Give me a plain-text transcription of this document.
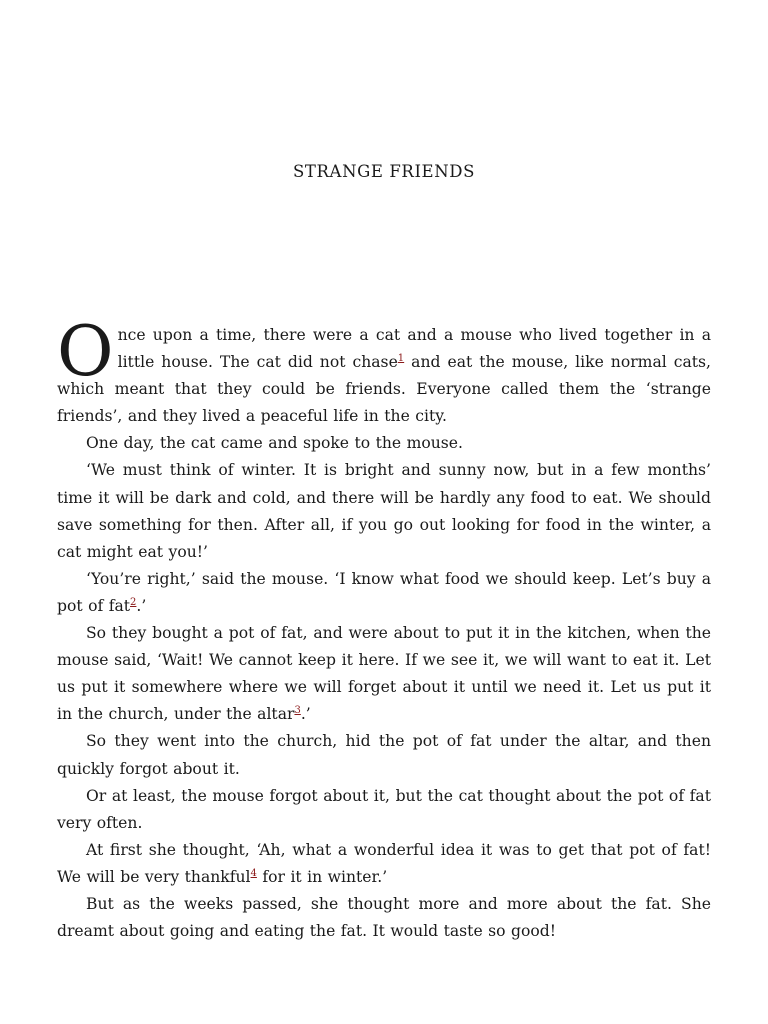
STRANGE FRIENDS

Once upon a time, there were a cat and a mouse who lived together in a little house. The cat did not chase$^1$ and eat the mouse, like normal cats, which meant that they could be friends. Everyone called them the ‘strange friends’, and they lived a peaceful life in the city.

One day, the cat came and spoke to the mouse.

‘We must think of winter. It is bright and sunny now, but in a few months’ time it will be dark and cold, and there will be hardly any food to eat. We should save something for then. After all, if you go out looking for food in the winter, a cat might eat you!’

‘You’re right,’ said the mouse. ‘I know what food we should keep. Let’s buy a pot of fat$^2$.’

So they bought a pot of fat, and were about to put it in the kitchen, when the mouse said, ‘Wait! We cannot keep it here. If we see it, we will want to eat it. Let us put it somewhere where we will forget about it until we need it. Let us put it in the church, under the altar$^3$.’

So they went into the church, hid the pot of fat under the altar, and then quickly forgot about it.

Or at least, the mouse forgot about it, but the cat thought about the pot of fat very often.

At first she thought, ‘Ah, what a wonderful idea it was to get that pot of fat! We will be very thankful$^4$ for it in winter.’

But as the weeks passed, she thought more and more about the fat. She dreamt about going and eating the fat. It would taste so good!
